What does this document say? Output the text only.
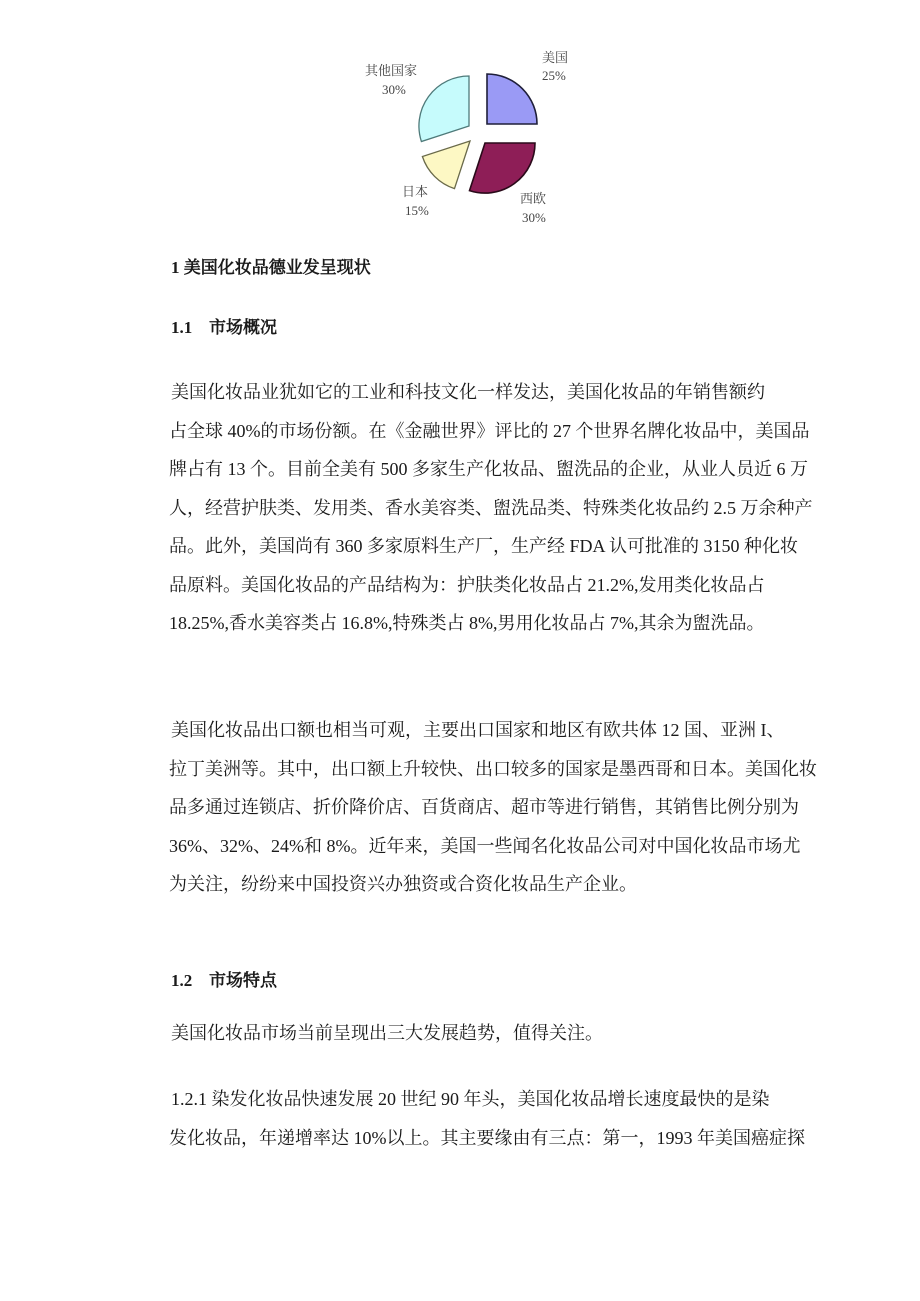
美国
25%
西欧
30%
日本
15%
其他国家
30%
1 美国化妆品德业发呈现状
1.1 市场概况
美国化妆品业犹如它的工业和科技文化一样发达，美国化妆品的年销售额约
占全球 40%的市场份额。在《金融世界》评比的 27 个世界名牌化妆品中，美国品
牌占有 13 个。目前全美有 500 多家生产化妆品、盥洗品的企业，从业人员近 6 万
人，经营护肤类、发用类、香水美容类、盥洗品类、特殊类化妆品约 2.5 万余种产
品。此外，美国尚有 360 多家原料生产厂，生产经 FDA 认可批准的 3150 种化妆
品原料。美国化妆品的产品结构为：护肤类化妆品占 21.2%,发用类化妆品占
18.25%,香水美容类占 16.8%,特殊类占 8%,男用化妆品占 7%,其余为盥洗品。
美国化妆品出口额也相当可观，主要出口国家和地区有欧共体 12 国、亚洲 I、
拉丁美洲等。其中，出口额上升较快、出口较多的国家是墨西哥和日本。美国化妆
品多通过连锁店、折价降价店、百货商店、超市等进行销售，其销售比例分别为
36%、32%、24%和 8%。近年来，美国一些闻名化妆品公司对中国化妆品市场尤
为关注，纷纷来中国投资兴办独资或合资化妆品生产企业。
1.2 市场特点
美国化妆品市场当前呈现出三大发展趋势，值得关注。
1.2.1 染发化妆品快速发展 20 世纪 90 年头，美国化妆品增长速度最快的是染
发化妆品，年递增率达 10%以上。其主要缘由有三点：第一，1993 年美国癌症探
